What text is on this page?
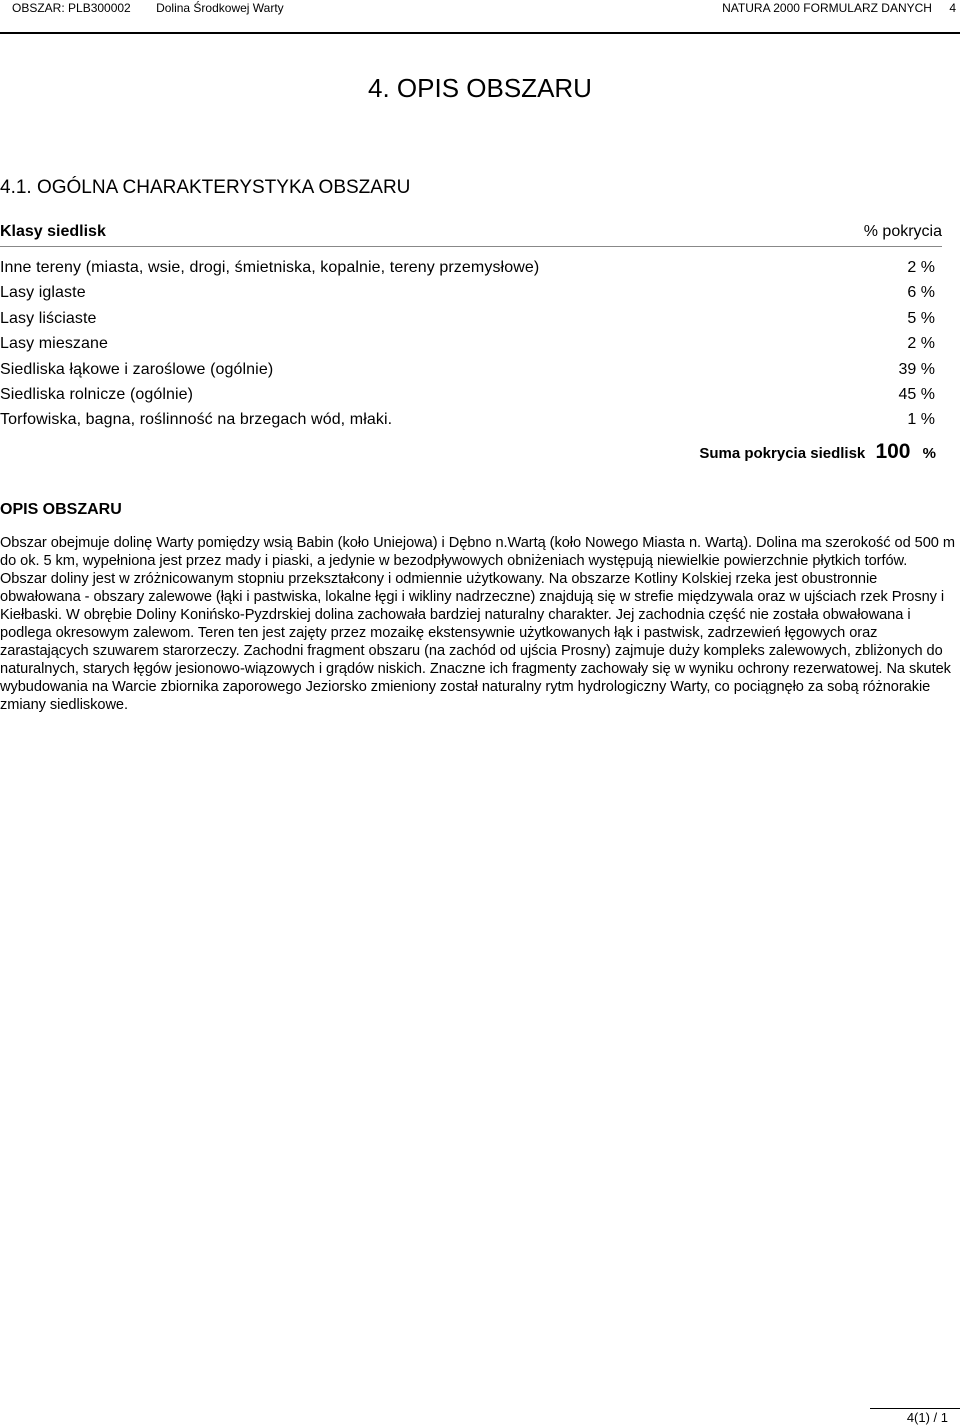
OBSZAR: PLB300002 Dolina Środkowej Warty	NATURA 2000 FORMULARZ DANYCH 4
4. OPIS OBSZARU
4.1. OGÓLNA CHARAKTERYSTYKA OBSZARU
Klasy siedlisk	% pokrycia
Inne tereny (miasta, wsie, drogi, śmietniska, kopalnie, tereny przemysłowe)	2 %
Lasy iglaste	6 %
Lasy liściaste	5 %
Lasy mieszane	2 %
Siedliska łąkowe i zaroślowe (ogólnie)	39 %
Siedliska rolnicze (ogólnie)	45 %
Torfowiska, bagna, roślinność na brzegach wód, młaki.	1 %
Suma pokrycia siedlisk 100 %
OPIS OBSZARU
Obszar obejmuje dolinę Warty pomiędzy wsią Babin (koło Uniejowa) i Dębno n.Wartą (koło Nowego Miasta n. Wartą). Dolina ma szerokość od 500 m do ok. 5 km, wypełniona jest przez mady i piaski, a jedynie w bezodpływowych obniżeniach występują niewielkie powierzchnie płytkich torfów. Obszar doliny jest w zróżnicowanym stopniu przekształcony i odmiennie użytkowany. Na obszarze Kotliny Kolskiej rzeka jest obustronnie obwałowana - obszary zalewowe (łąki i pastwiska, lokalne łęgi i wikliny nadrzeczne) znajdują się w strefie międzywala oraz w ujściach rzek Prosny i Kiełbaski. W obrębie Doliny Konińsko-Pyzdrskiej dolina zachowała bardziej naturalny charakter. Jej zachodnia część nie została obwałowana i podlega okresowym zalewom. Teren ten jest zajęty przez mozaikę ekstensywnie użytkowanych łąk i pastwisk, zadrzewień łęgowych oraz zarastających szuwarem starorzeczy. Zachodni fragment obszaru (na zachód od ujścia Prosny) zajmuje duży kompleks zalewowych, zbliżonych do naturalnych, starych łęgów jesionowo-wiązowych i grądów niskich. Znaczne ich fragmenty zachowały się w wyniku ochrony rezerwatowej. Na skutek wybudowania na Warcie zbiornika zaporowego Jeziorsko zmieniony został naturalny rytm hydrologiczny Warty, co pociągnęło za sobą różnorakie zmiany siedliskowe.
4(1) / 1
